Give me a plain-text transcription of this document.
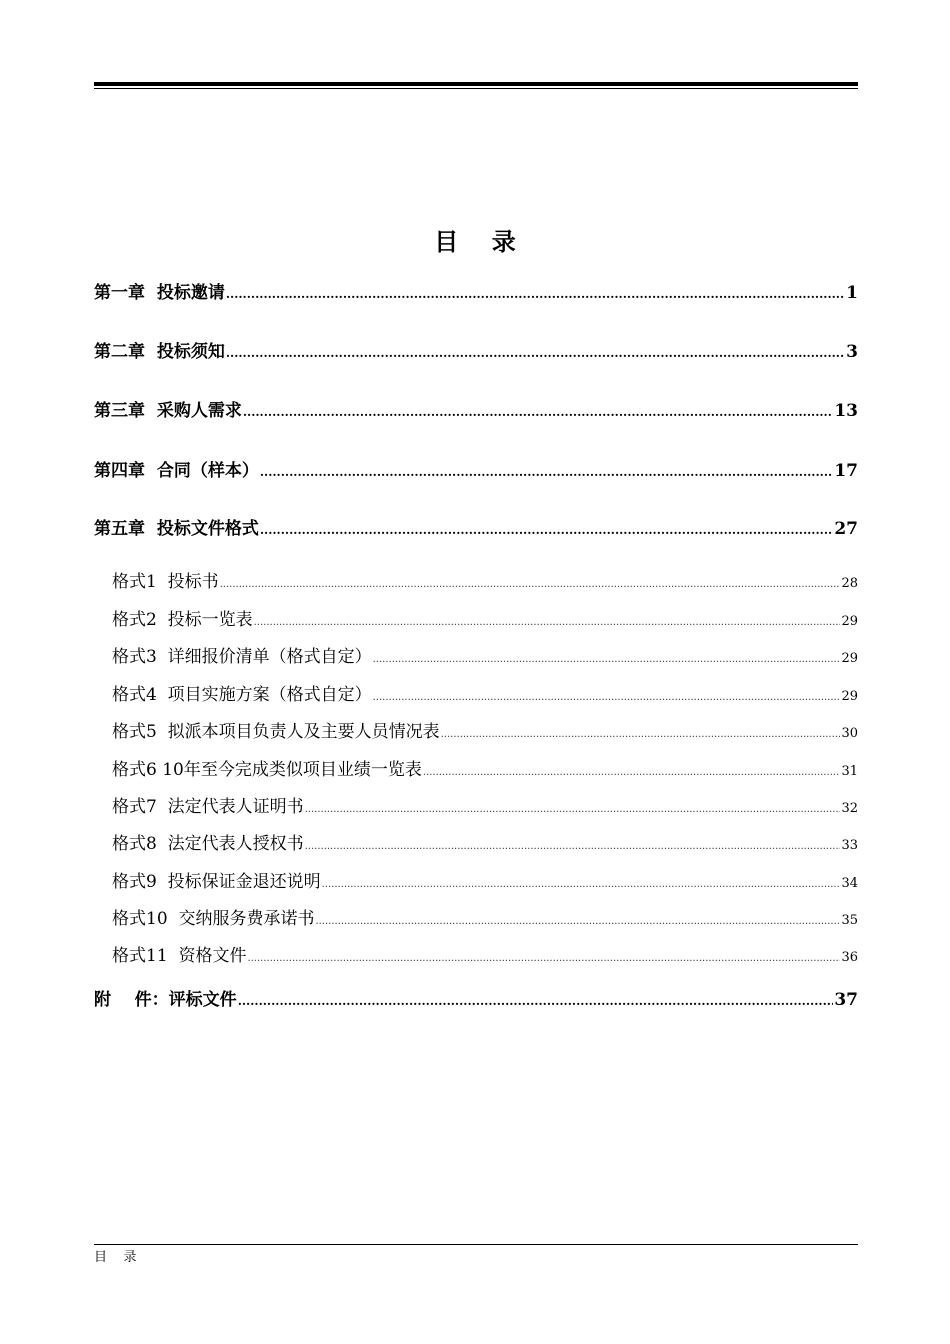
目    录
第一章  投标邀请 .....	1
第二章  投标须知 .....	3
第三章  采购人需求 .....	13
第四章  合同（样本） .....	17
第五章  投标文件格式 .....	27
格式1  投标书 .....	28
格式2  投标一览表 .....	29
格式3  详细报价清单（格式自定） .....	29
格式4  项目实施方案（格式自定） .....	29
格式5  拟派本项目负责人及主要人员情况表 .....	30
格式6 10年至今完成类似项目业绩一览表 .....	31
格式7  法定代表人证明书 .....	32
格式8  法定代表人授权书 .....	33
格式9  投标保证金退还说明 .....	34
格式10  交纳服务费承诺书 .....	35
格式11  资格文件 .....	36
附    件：评标文件 .....	37
目    录
